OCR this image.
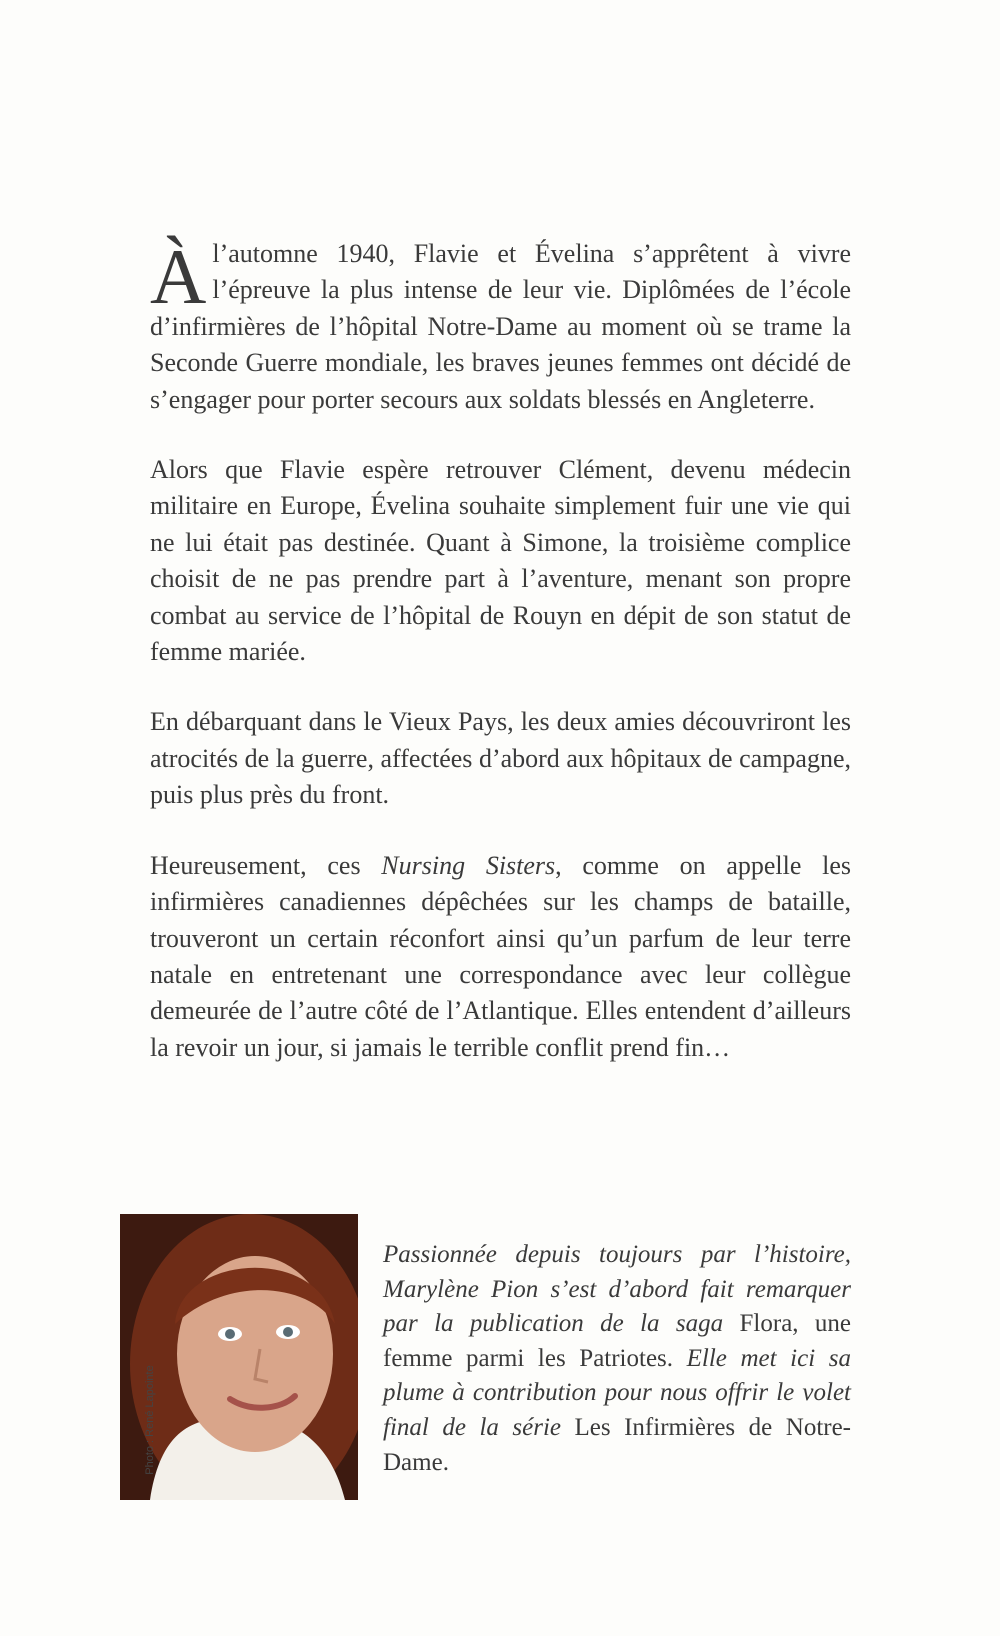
À l’automne 1940, Flavie et Évelina s’apprêtent à vivre l’épreuve la plus intense de leur vie. Diplômées de l’école d’infirmières de l’hôpital Notre-Dame au moment où se trame la Seconde Guerre mondiale, les braves jeunes femmes ont décidé de s’engager pour porter secours aux soldats blessés en Angleterre.

Alors que Flavie espère retrouver Clément, devenu médecin militaire en Europe, Évelina souhaite simplement fuir une vie qui ne lui était pas destinée. Quant à Simone, la troisième complice choisit de ne pas prendre part à l’aventure, menant son propre combat au service de l’hôpital de Rouyn en dépit de son statut de femme mariée.

En débarquant dans le Vieux Pays, les deux amies découvriront les atrocités de la guerre, affectées d’abord aux hôpitaux de campagne, puis plus près du front.

Heureusement, ces Nursing Sisters, comme on appelle les infirmières canadiennes dépêchées sur les champs de bataille, trouveront un certain réconfort ainsi qu’un parfum de leur terre natale en entretenant une correspondance avec leur collègue demeurée de l’autre côté de l’Atlantique. Elles entendent d’ailleurs la revoir un jour, si jamais le terrible conflit prend fin…

Photo : René Lapointe

Passionnée depuis toujours par l’histoire, Marylène Pion s’est d’abord fait remarquer par la publication de la saga Flora, une femme parmi les Patriotes. Elle met ici sa plume à contribution pour nous offrir le volet final de la série Les Infirmières de Notre-Dame.
